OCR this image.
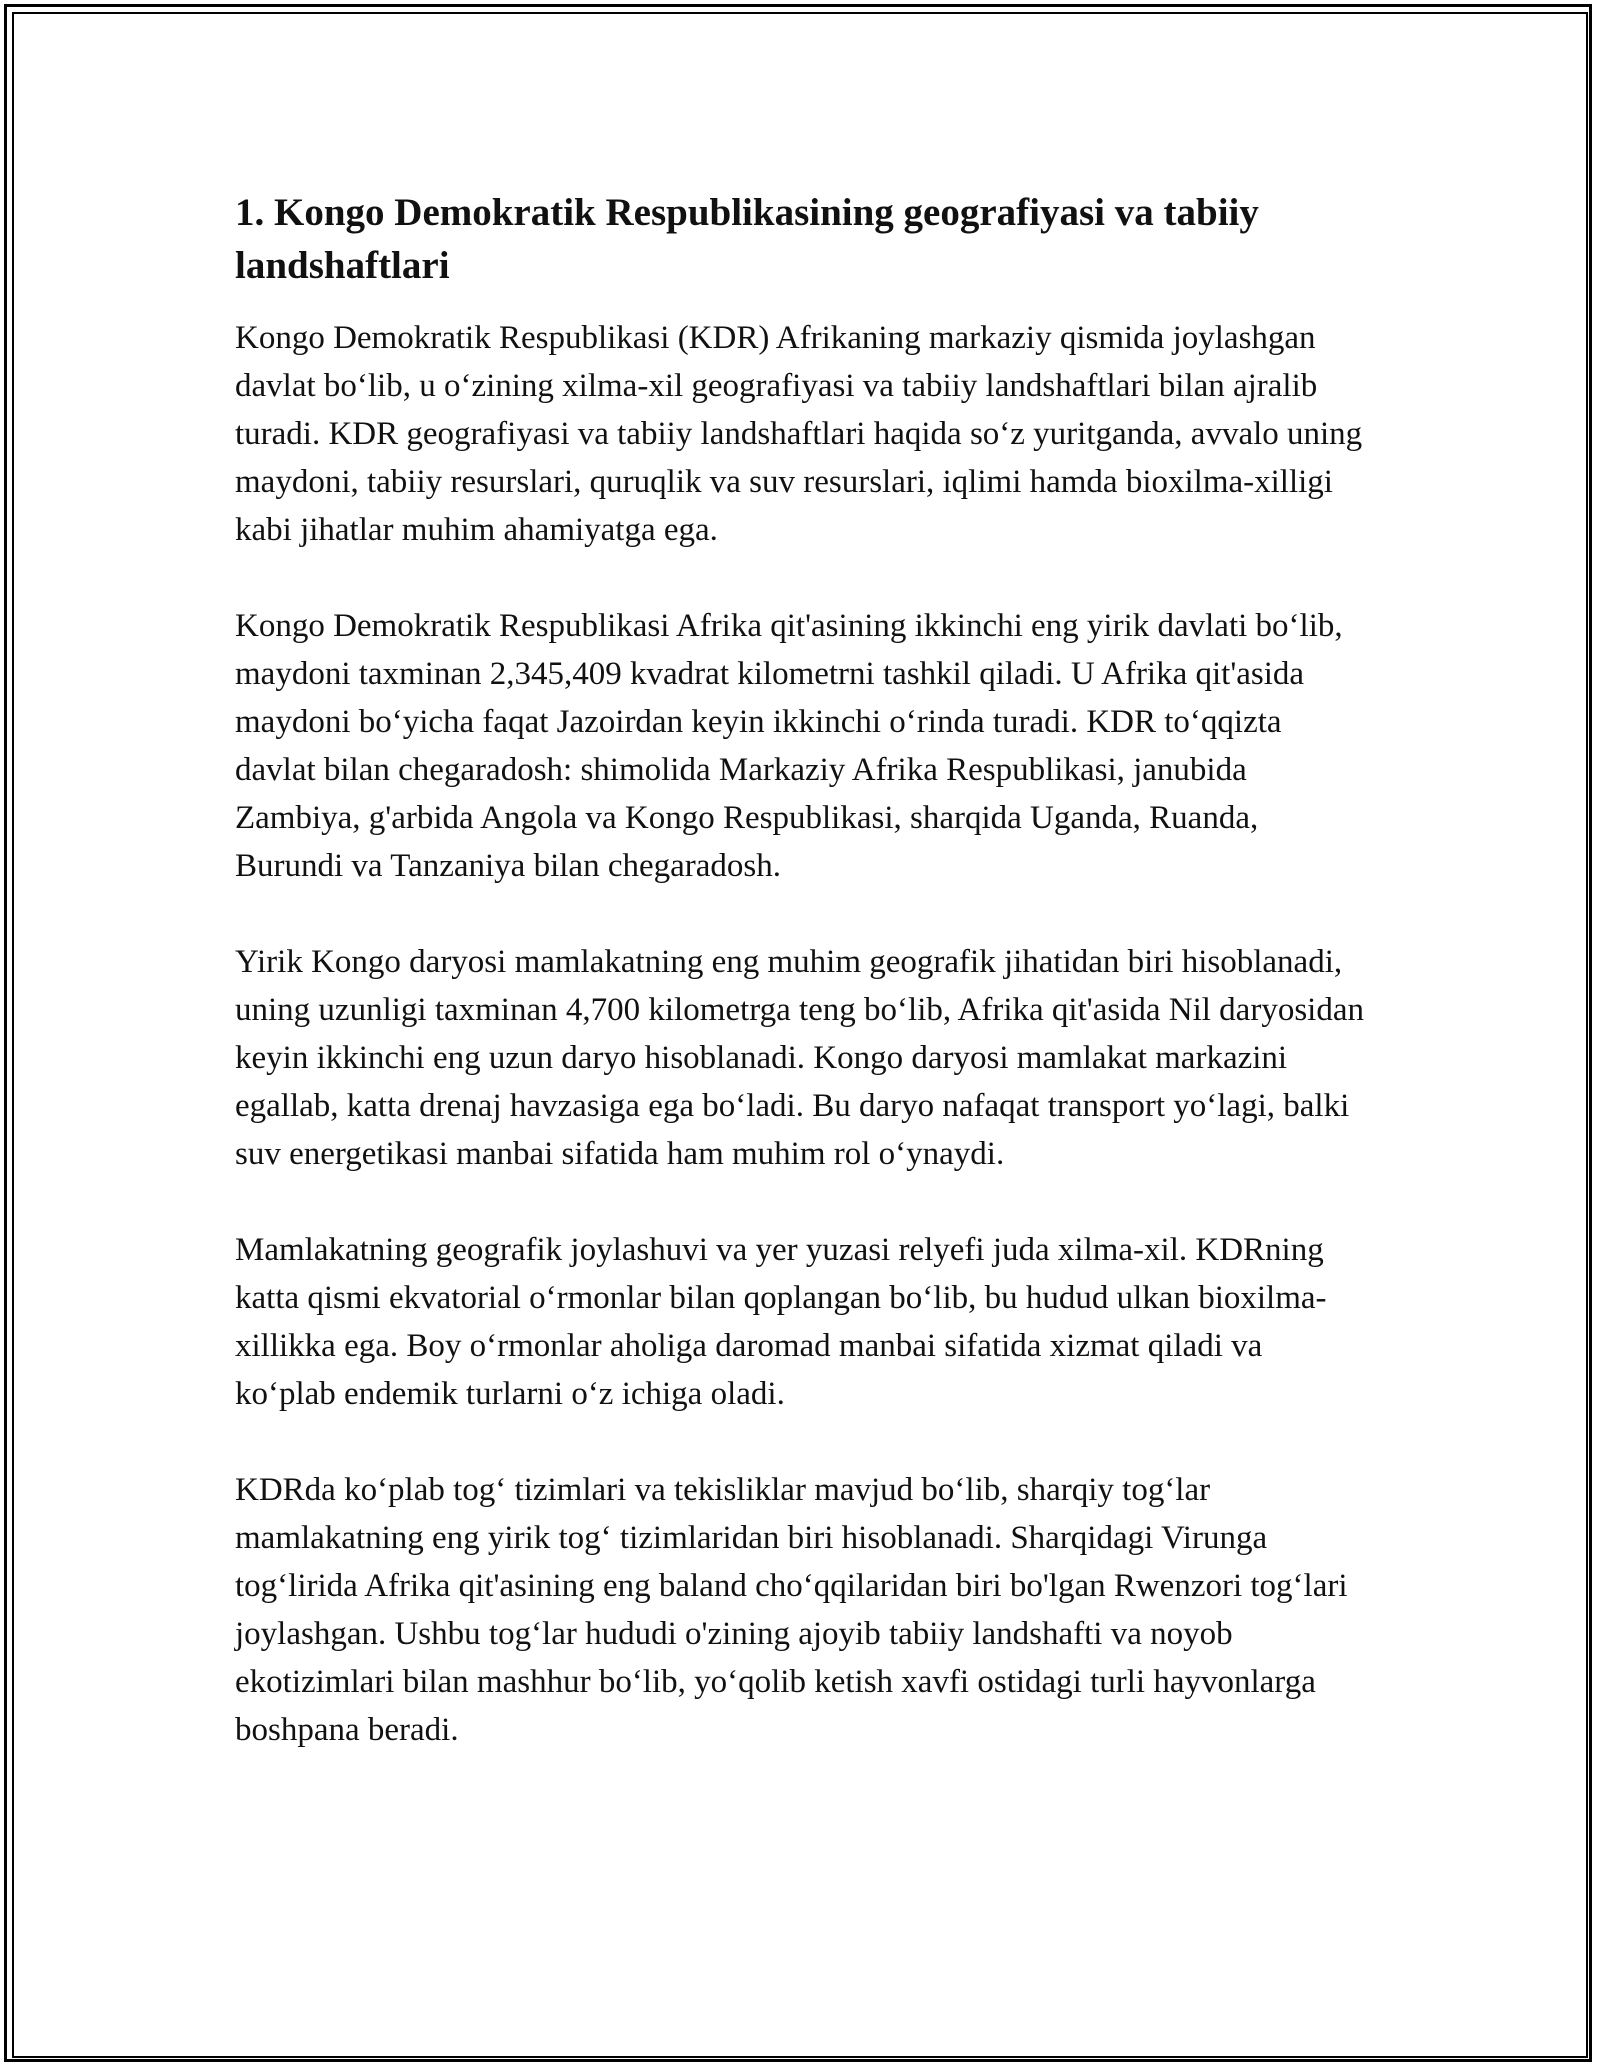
1. Kongo Demokratik Respublikasining geografiyasi va tabiiy landshaftlari

Kongo Demokratik Respublikasi (KDR) Afrikaning markaziy qismida joylashgan davlat bo‘lib, u o‘zining xilma-xil geografiyasi va tabiiy landshaftlari bilan ajralib turadi. KDR geografiyasi va tabiiy landshaftlari haqida so‘z yuritganda, avvalo uning maydoni, tabiiy resurslari, quruqlik va suv resurslari, iqlimi hamda bioxilma-xilligi kabi jihatlar muhim ahamiyatga ega.

Kongo Demokratik Respublikasi Afrika qit'asining ikkinchi eng yirik davlati bo‘lib, maydoni taxminan 2,345,409 kvadrat kilometrni tashkil qiladi. U Afrika qit'asida maydoni bo‘yicha faqat Jazoirdan keyin ikkinchi o‘rinda turadi. KDR to‘qqizta davlat bilan chegaradosh: shimolida Markaziy Afrika Respublikasi, janubida Zambiya, g'arbida Angola va Kongo Respublikasi, sharqida Uganda, Ruanda, Burundi va Tanzaniya bilan chegaradosh.

Yirik Kongo daryosi mamlakatning eng muhim geografik jihatidan biri hisoblanadi, uning uzunligi taxminan 4,700 kilometrga teng bo‘lib, Afrika qit'asida Nil daryosidan keyin ikkinchi eng uzun daryo hisoblanadi. Kongo daryosi mamlakat markazini egallab, katta drenaj havzasiga ega bo‘ladi. Bu daryo nafaqat transport yo‘lagi, balki suv energetikasi manbai sifatida ham muhim rol o‘ynaydi.

Mamlakatning geografik joylashuvi va yer yuzasi relyefi juda xilma-xil. KDRning katta qismi ekvatorial o‘rmonlar bilan qoplangan bo‘lib, bu hudud ulkan bioxilma-xillikka ega. Boy o‘rmonlar aholiga daromad manbai sifatida xizmat qiladi va ko‘plab endemik turlarni o‘z ichiga oladi.

KDRda ko‘plab tog‘ tizimlari va tekisliklar mavjud bo‘lib, sharqiy tog‘lar mamlakatning eng yirik tog‘ tizimlaridan biri hisoblanadi. Sharqidagi Virunga tog‘lirida Afrika qit'asining eng baland cho‘qqilaridan biri bo'lgan Rwenzori tog‘lari joylashgan. Ushbu tog‘lar hududi o'zining ajoyib tabiiy landshafti va noyob ekotizimlari bilan mashhur bo‘lib, yo‘qolib ketish xavfi ostidagi turli hayvonlarga boshpana beradi.
